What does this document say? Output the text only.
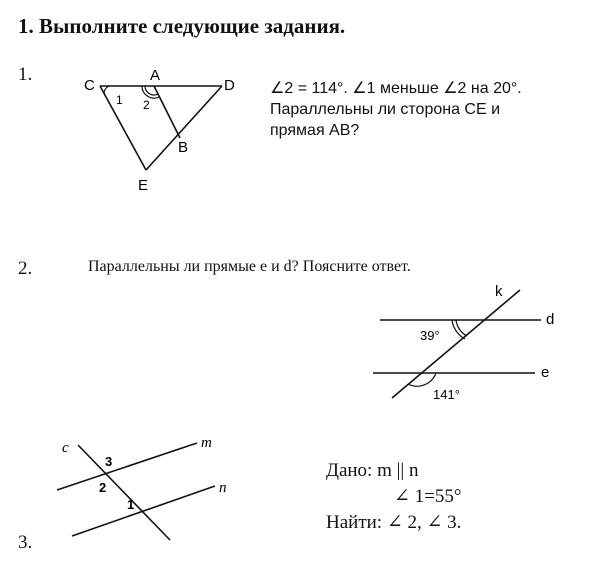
1. Выполните следующие задания.
1.
C
A
D
B
E
1 2
k
d
e
39°
141°
c	m
n
3
2
1
∠2 = 114°. ∠1 меньше ∠2 на 20°.
Параллельны ли сторона CE и
прямая AB?
2.	Параллельны ли прямые e и d? Поясните ответ.
3.
Дано: m || n
∠ 1=55°
Найти: ∠ 2, ∠ 3.
